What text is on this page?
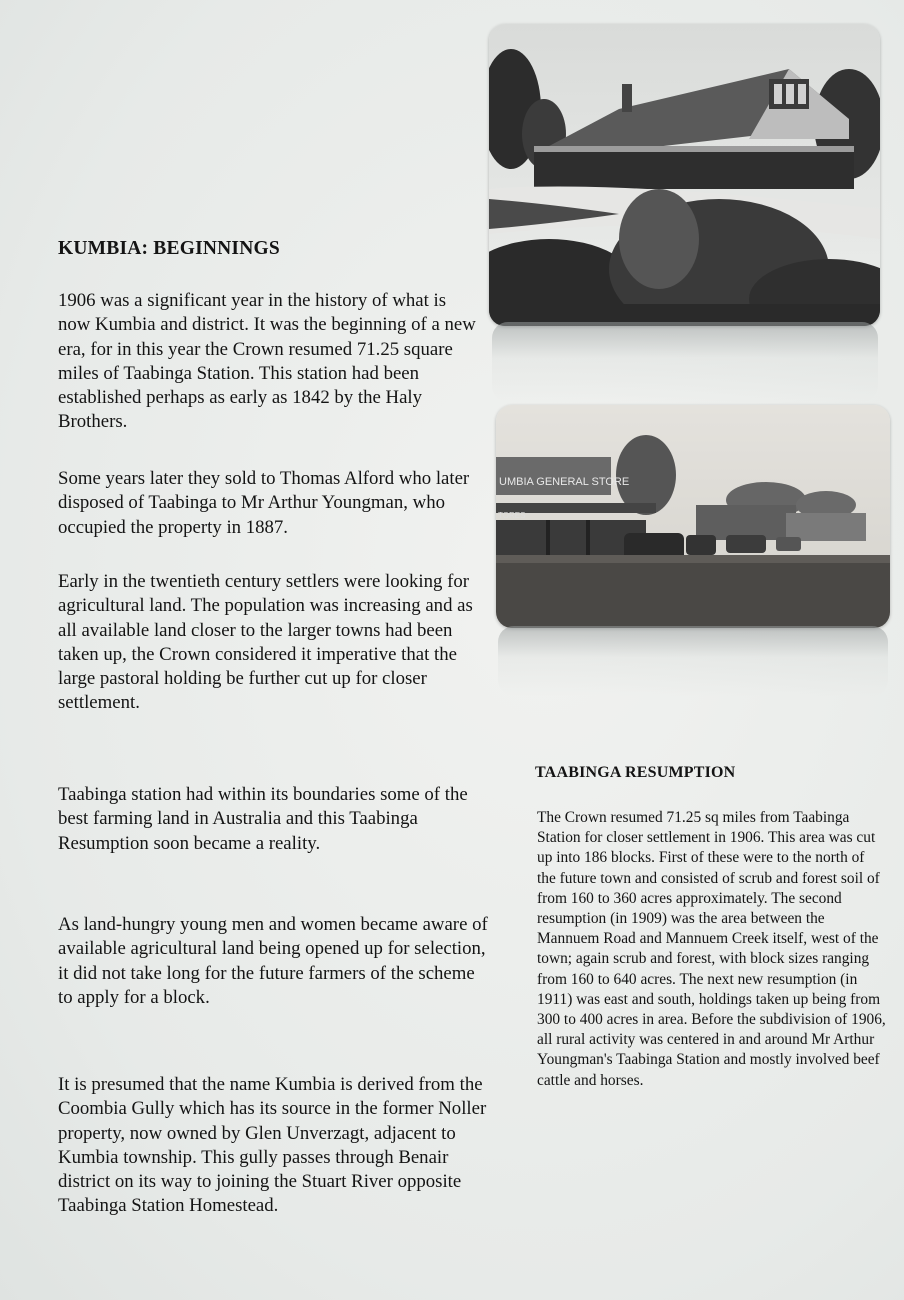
KUMBIA: BEGINNINGS

1906 was a significant year in the history of what is now Kumbia and district. It was the beginning of a new era, for in this year the Crown resumed 71.25 square miles of Taabinga Station. This station had been established perhaps as early as 1842 by the Haly Brothers.

Some years later they sold to Thomas Alford who later disposed of Taabinga to Mr Arthur Youngman, who occupied the property in 1887.

Early in the twentieth century settlers were looking for agricultural land. The population was increasing and as all available land closer to the larger towns had been taken up, the Crown considered it imperative that the large pastoral holding be further cut up for closer settlement.

Taabinga station had within its boundaries some of the best farming land in Australia and this Taabinga Resumption soon became a reality.

As land-hungry young men and women became aware of available agricultural land being opened up for selection, it did not take long for the future farmers of the scheme to apply for a block.

It is presumed that the name Kumbia is derived from the Coombia Gully which has its source in the former Noller property, now owned by Glen Unverzagt, adjacent to Kumbia township. This gully passes through Benair district on its way to joining the Stuart River opposite Taabinga Station Homestead.

UMBIA GENERAL STORE
TORES
TAABINGA RESUMPTION

The Crown resumed 71.25 sq miles from Taabinga Station for closer settlement in 1906. This area was cut up into 186 blocks. First of these were to the north of the future town and consisted of scrub and forest soil of from 160 to 360 acres approximately. The second resumption (in 1909) was the area between the Mannuem Road and Mannuem Creek itself, west of the town; again scrub and forest, with block sizes ranging from 160 to 640 acres. The next new resumption (in 1911) was east and south, holdings taken up being from 300 to 400 acres in area. Before the subdivision of 1906, all rural activity was centered in and around Mr Arthur Youngman's Taabinga Station and mostly involved beef cattle and horses.
